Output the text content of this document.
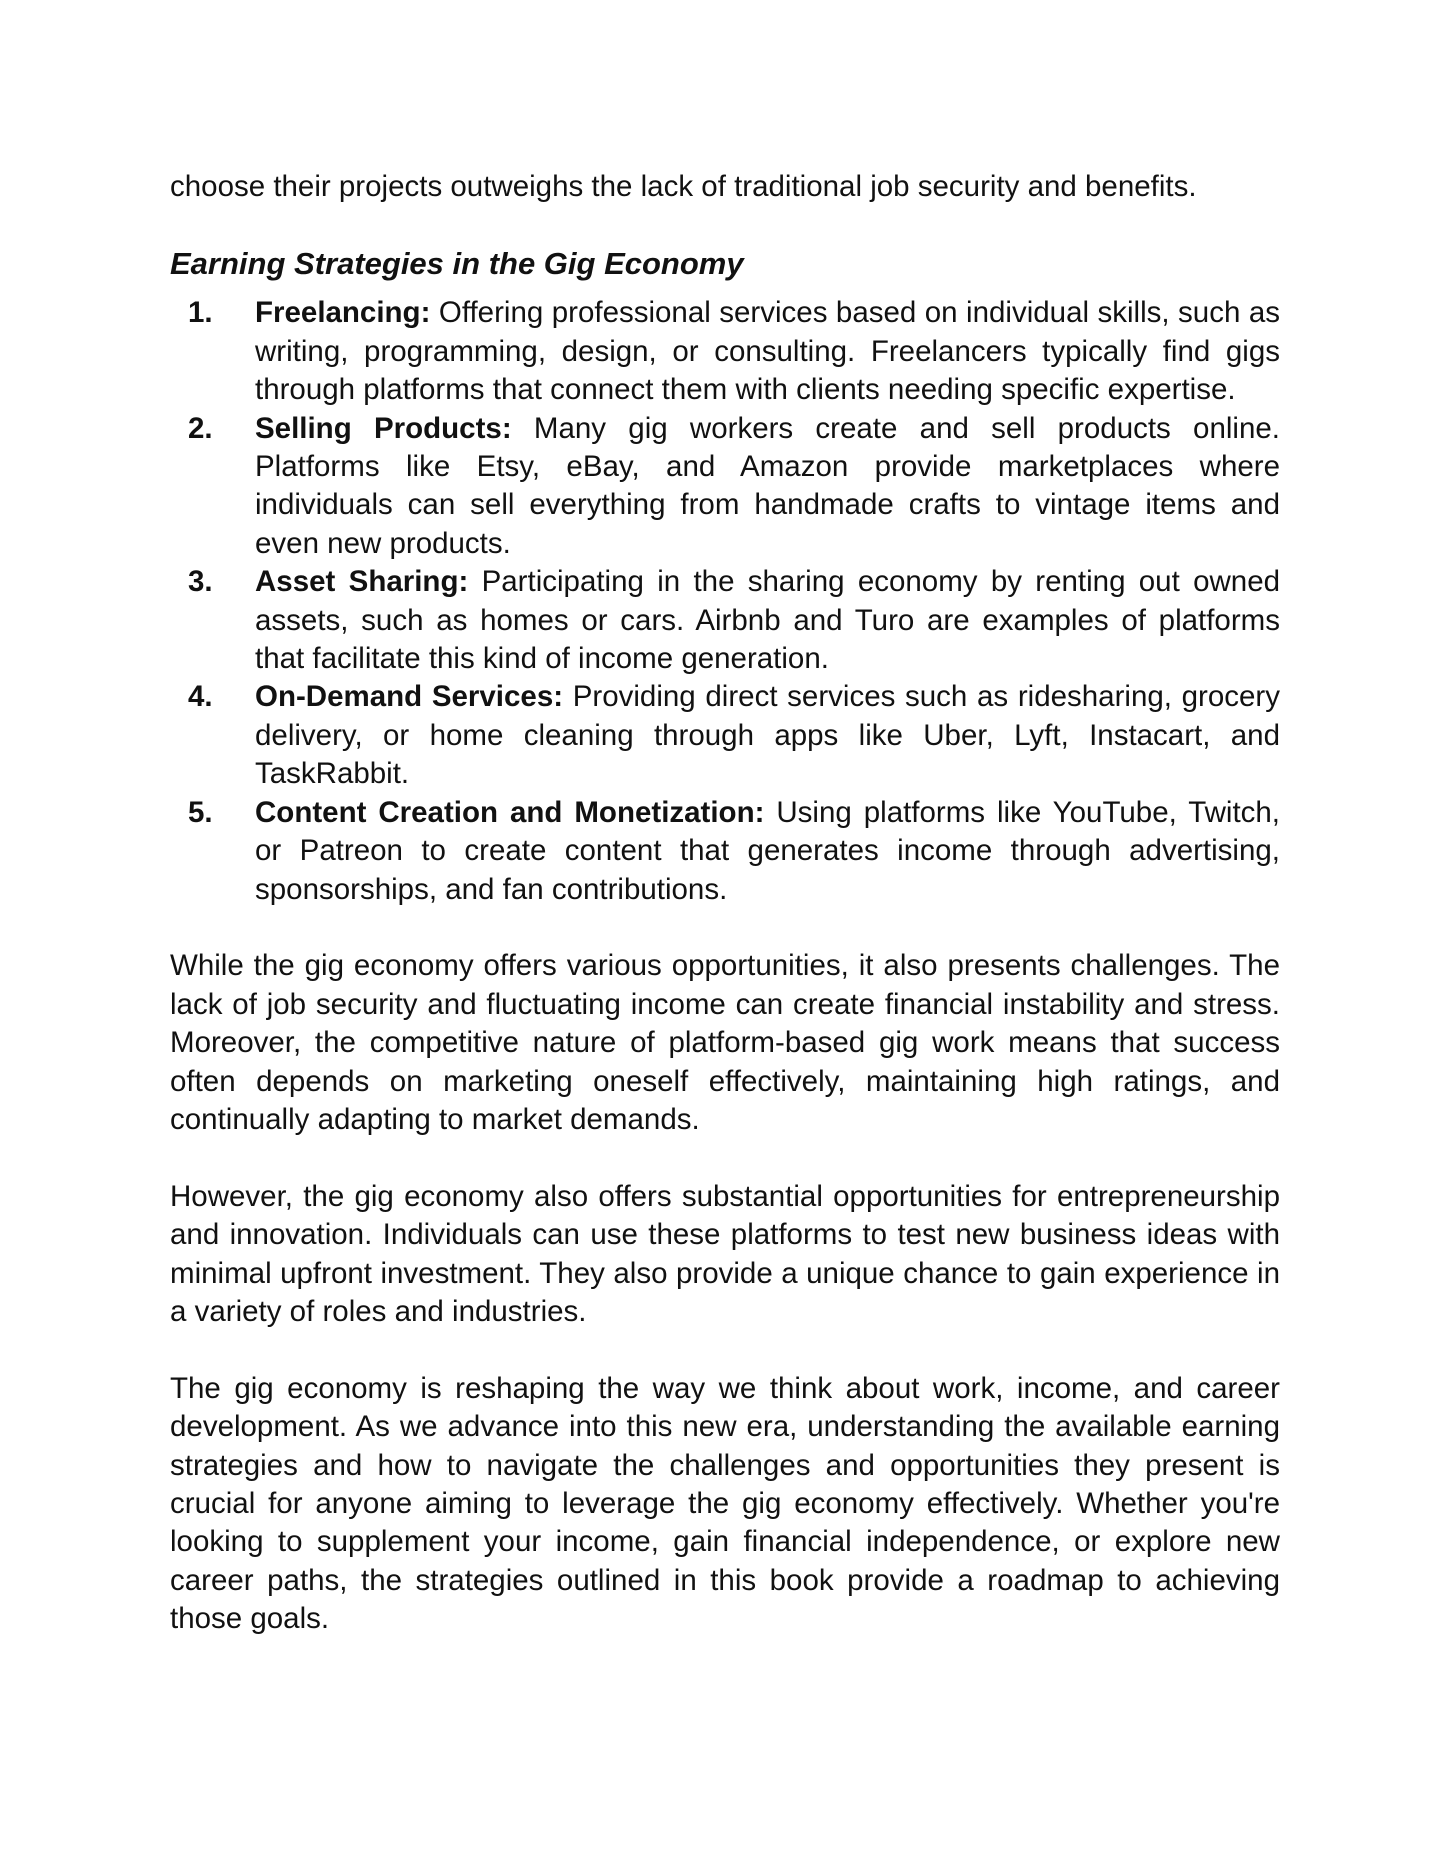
choose their projects outweighs the lack of traditional job security and benefits.

Earning Strategies in the Gig Economy
1. Freelancing: Offering professional services based on individual skills, such as writing, programming, design, or consulting. Freelancers typically find gigs through platforms that connect them with clients needing specific expertise.
2. Selling Products: Many gig workers create and sell products online. Platforms like Etsy, eBay, and Amazon provide marketplaces where individuals can sell everything from handmade crafts to vintage items and even new products.
3. Asset Sharing: Participating in the sharing economy by renting out owned assets, such as homes or cars. Airbnb and Turo are examples of platforms that facilitate this kind of income generation.
4. On-Demand Services: Providing direct services such as ridesharing, grocery delivery, or home cleaning through apps like Uber, Lyft, Instacart, and TaskRabbit.
5. Content Creation and Monetization: Using platforms like YouTube, Twitch, or Patreon to create content that generates income through advertising, sponsorships, and fan contributions.

While the gig economy offers various opportunities, it also presents challenges. The lack of job security and fluctuating income can create financial instability and stress. Moreover, the competitive nature of platform-based gig work means that success often depends on marketing oneself effectively, maintaining high ratings, and continually adapting to market demands.

However, the gig economy also offers substantial opportunities for entrepreneurship and innovation. Individuals can use these platforms to test new business ideas with minimal upfront investment. They also provide a unique chance to gain experience in a variety of roles and industries.

The gig economy is reshaping the way we think about work, income, and career development. As we advance into this new era, understanding the available earning strategies and how to navigate the challenges and opportunities they present is crucial for anyone aiming to leverage the gig economy effectively. Whether you're looking to supplement your income, gain financial independence, or explore new career paths, the strategies outlined in this book provide a roadmap to achieving those goals.
